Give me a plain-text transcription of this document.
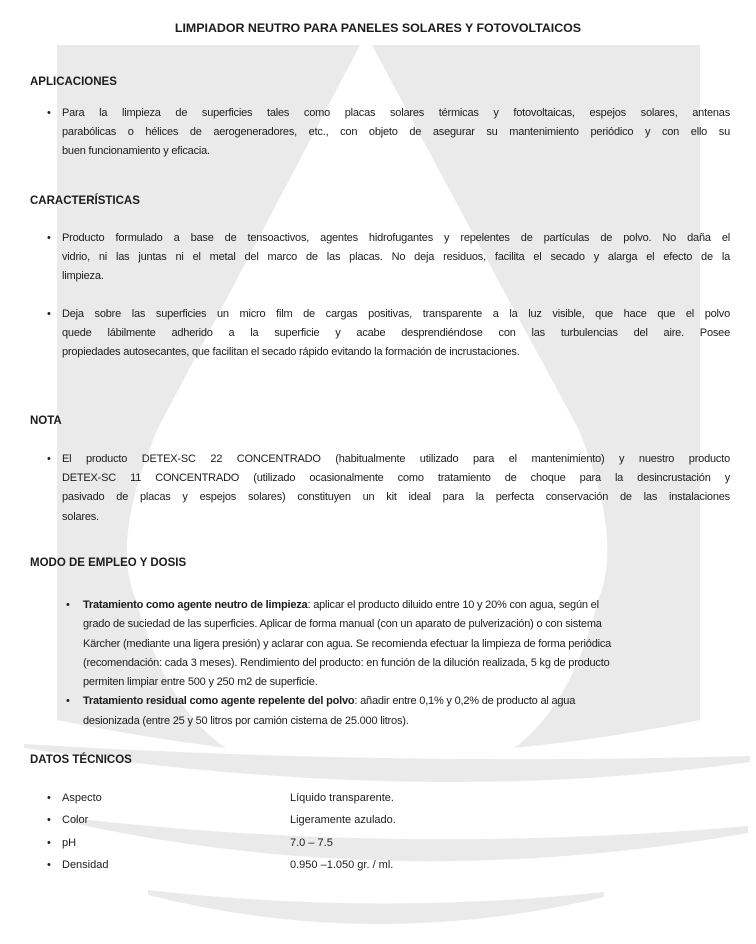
LIMPIADOR NEUTRO PARA PANELES SOLARES Y FOTOVOLTAICOS
APLICACIONES
• Para la limpieza de superficies tales como placas solares térmicas y fotovoltaicas, espejos solares, antenas
parabólicas o hélices de aerogeneradores, etc., con objeto de asegurar su mantenimiento periódico y con ello su
buen funcionamiento y eficacia.
CARACTERÍSTICAS
• Producto formulado a base de tensoactivos, agentes hidrofugantes y repelentes de partículas de polvo. No daña el
vidrio, ni las juntas ni el metal del marco de las placas. No deja residuos, facilita el secado y alarga el efecto de la
limpieza.
• Deja sobre las superficies un micro film de cargas positivas, transparente a la luz visible, que hace que el polvo
quede lábilmente adherido a la superficie y acabe desprendiéndose con las turbulencias del aire. Posee
propiedades autosecantes, que facilitan el secado rápido evitando la formación de incrustaciones.
NOTA
• El producto DETEX-SC 22 CONCENTRADO (habitualmente utilizado para el mantenimiento) y nuestro producto
DETEX-SC 11 CONCENTRADO (utilizado ocasionalmente como tratamiento de choque para la desincrustación y
pasivado de placas y espejos solares) constituyen un kit ideal para la perfecta conservación de las instalaciones
solares.
MODO DE EMPLEO Y DOSIS
•
•
Tratamiento como agente neutro de limpieza: aplicar el producto diluido entre 10 y 20% con agua, según el
grado de suciedad de las superficies. Aplicar de forma manual (con un aparato de pulverización) o con sistema
Kärcher (mediante una ligera presión) y aclarar con agua. Se recomienda efectuar la limpieza de forma periódica
(recomendación: cada 3 meses). Rendimiento del producto: en función de la dilución realizada, 5 kg de producto
permiten limpiar entre 500 y 250 m2 de superficie.
Tratamiento residual como agente repelente del polvo: añadir entre 0,1% y 0,2% de producto al agua
desionizada (entre 25 y 50 litros por camión cisterna de 25.000 litros).
DATOS TÉCNICOS
• Aspecto	Líquido transparente.
• Color	Ligeramente azulado.
• pH	7.0 – 7.5
• Densidad	0.950 –1.050 gr. / ml.
